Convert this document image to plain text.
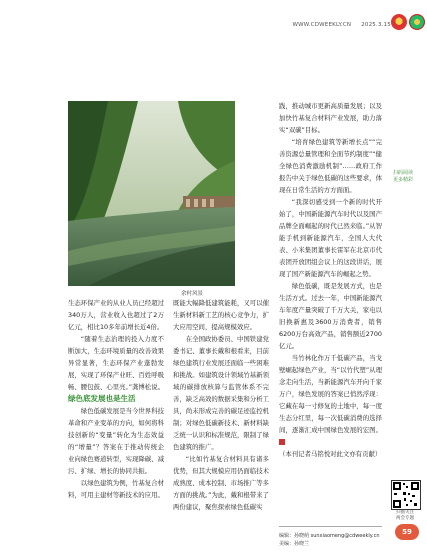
WWW.CDWEEKLY.CN 2025.3.15
余村风景

践，推动城市更新高质量发展；以及加快竹基复合材料产业发展，助力落实“双碳”目标。

“培育绿色建筑等新增长点”“完善资源总量管理和全面节约制度”“健全绿色消费激励机制”……政府工作报告中关于绿色低碳的这些要求，体现在日常生活的方方面面。

“我深切感受到一个新的时代开始了，中国新能源汽车时代以及国产品牌全面崛起的时代已然来临。”从智能手机到新能源汽车，全国人大代表、小米集团董事长雷军在北京市代表团开放团组会议上的这段讲话，展现了国产新能源汽车的崛起之势。

绿色低碳，既是发展方式，也是生活方式。过去一年，中国新能源汽车年度产量突破了千万大关，家电以旧换新惠及3600万消费者，销售6200万台高效产品，销售额近2700亿元。

当竹林化作万千低碳产品，当戈壁崛起绿色产业，当“以竹代塑”从理念走向生活，当新能源汽车开向千家万户，绿色发展的答案已悄然浮现：它藏在每一寸修复的土地中，每一度生态分红里，每一次低碳消费的选择间，逐渐汇成中国绿色发展的宏图。

（本刊记者马铭悦对此文亦有贡献）

生态环保产业的从业人员已经超过340万人，营业收入也超过了2万亿元，相比10多年前增长近4倍。

“随着生态治理的投入力度不断加大，生态环境质量的改善效果异常显著，生态环保产业蓬勃发展，实现了环保产业旺、百姓呼吸畅、腰包鼓、心里亮。”龚博松说。

绿色底发展也是生活

绿色低碳发展是当今世界科技革命和产业变革的方向，如何将科技创新的“变量”转化为生态效益的“增量”？答案在于推动传统企业向绿色赛道转型，实现降碳、减污、扩绿、增长的协同共振。

以绿色建筑为例，竹基复合材料，可用主建材等新技术的应用。

既能大幅降低建筑能耗，又可以催生新材料新工艺的核心竞争力，扩大应用空间，提高规模效应。

在全国政协委员、中国铁建党委书记、董事长戴和根看来，目前绿色建筑行业发展还面临一些困难和挑战。如建筑设计领域竹基新领域的碳排放核算与监管体系不完善，缺乏高效的数据采集和分析工具，尚未形成完善的碳足迹监控机制；对绿色低碳新技术、新材料缺乏统一认识和标准规范，限制了绿色建筑的推广。

“比如竹基复合材料具有诸多优势，但其大规模应用仍面临技术成熟度、成本控制、市场推广等多方面的挑战。”为此，戴和根带来了两份建议，聚焦探索绿色低碳实

扫码阅读
更多精彩
扫描关注
两会专题
编辑：孙晓萌 sunxiaomeng@cdweekly.cn
美编：孙晓兰
59
